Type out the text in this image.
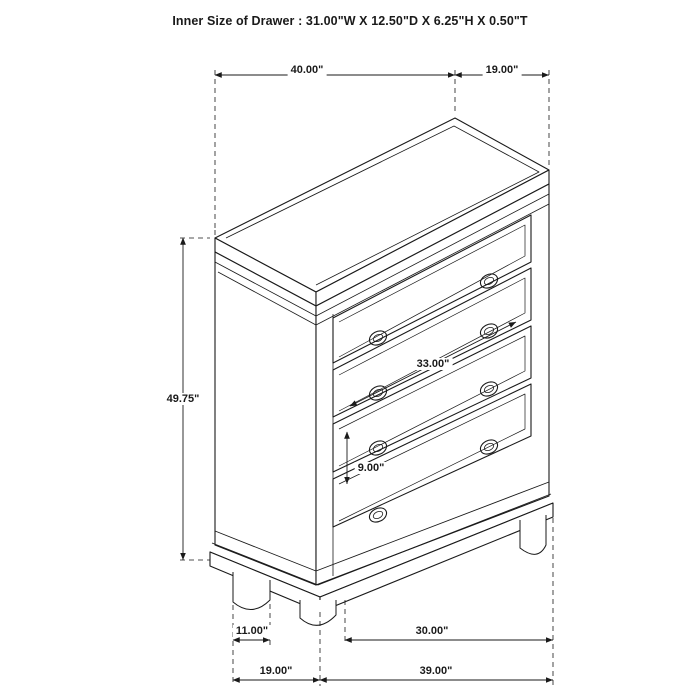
Inner Size of Drawer : 31.00"W X 12.50"D X 6.25"H X 0.50"T
40.00"	19.00"
49.75"
33.00"
9.00"
11.00"	30.00"
19.00"	39.00"
